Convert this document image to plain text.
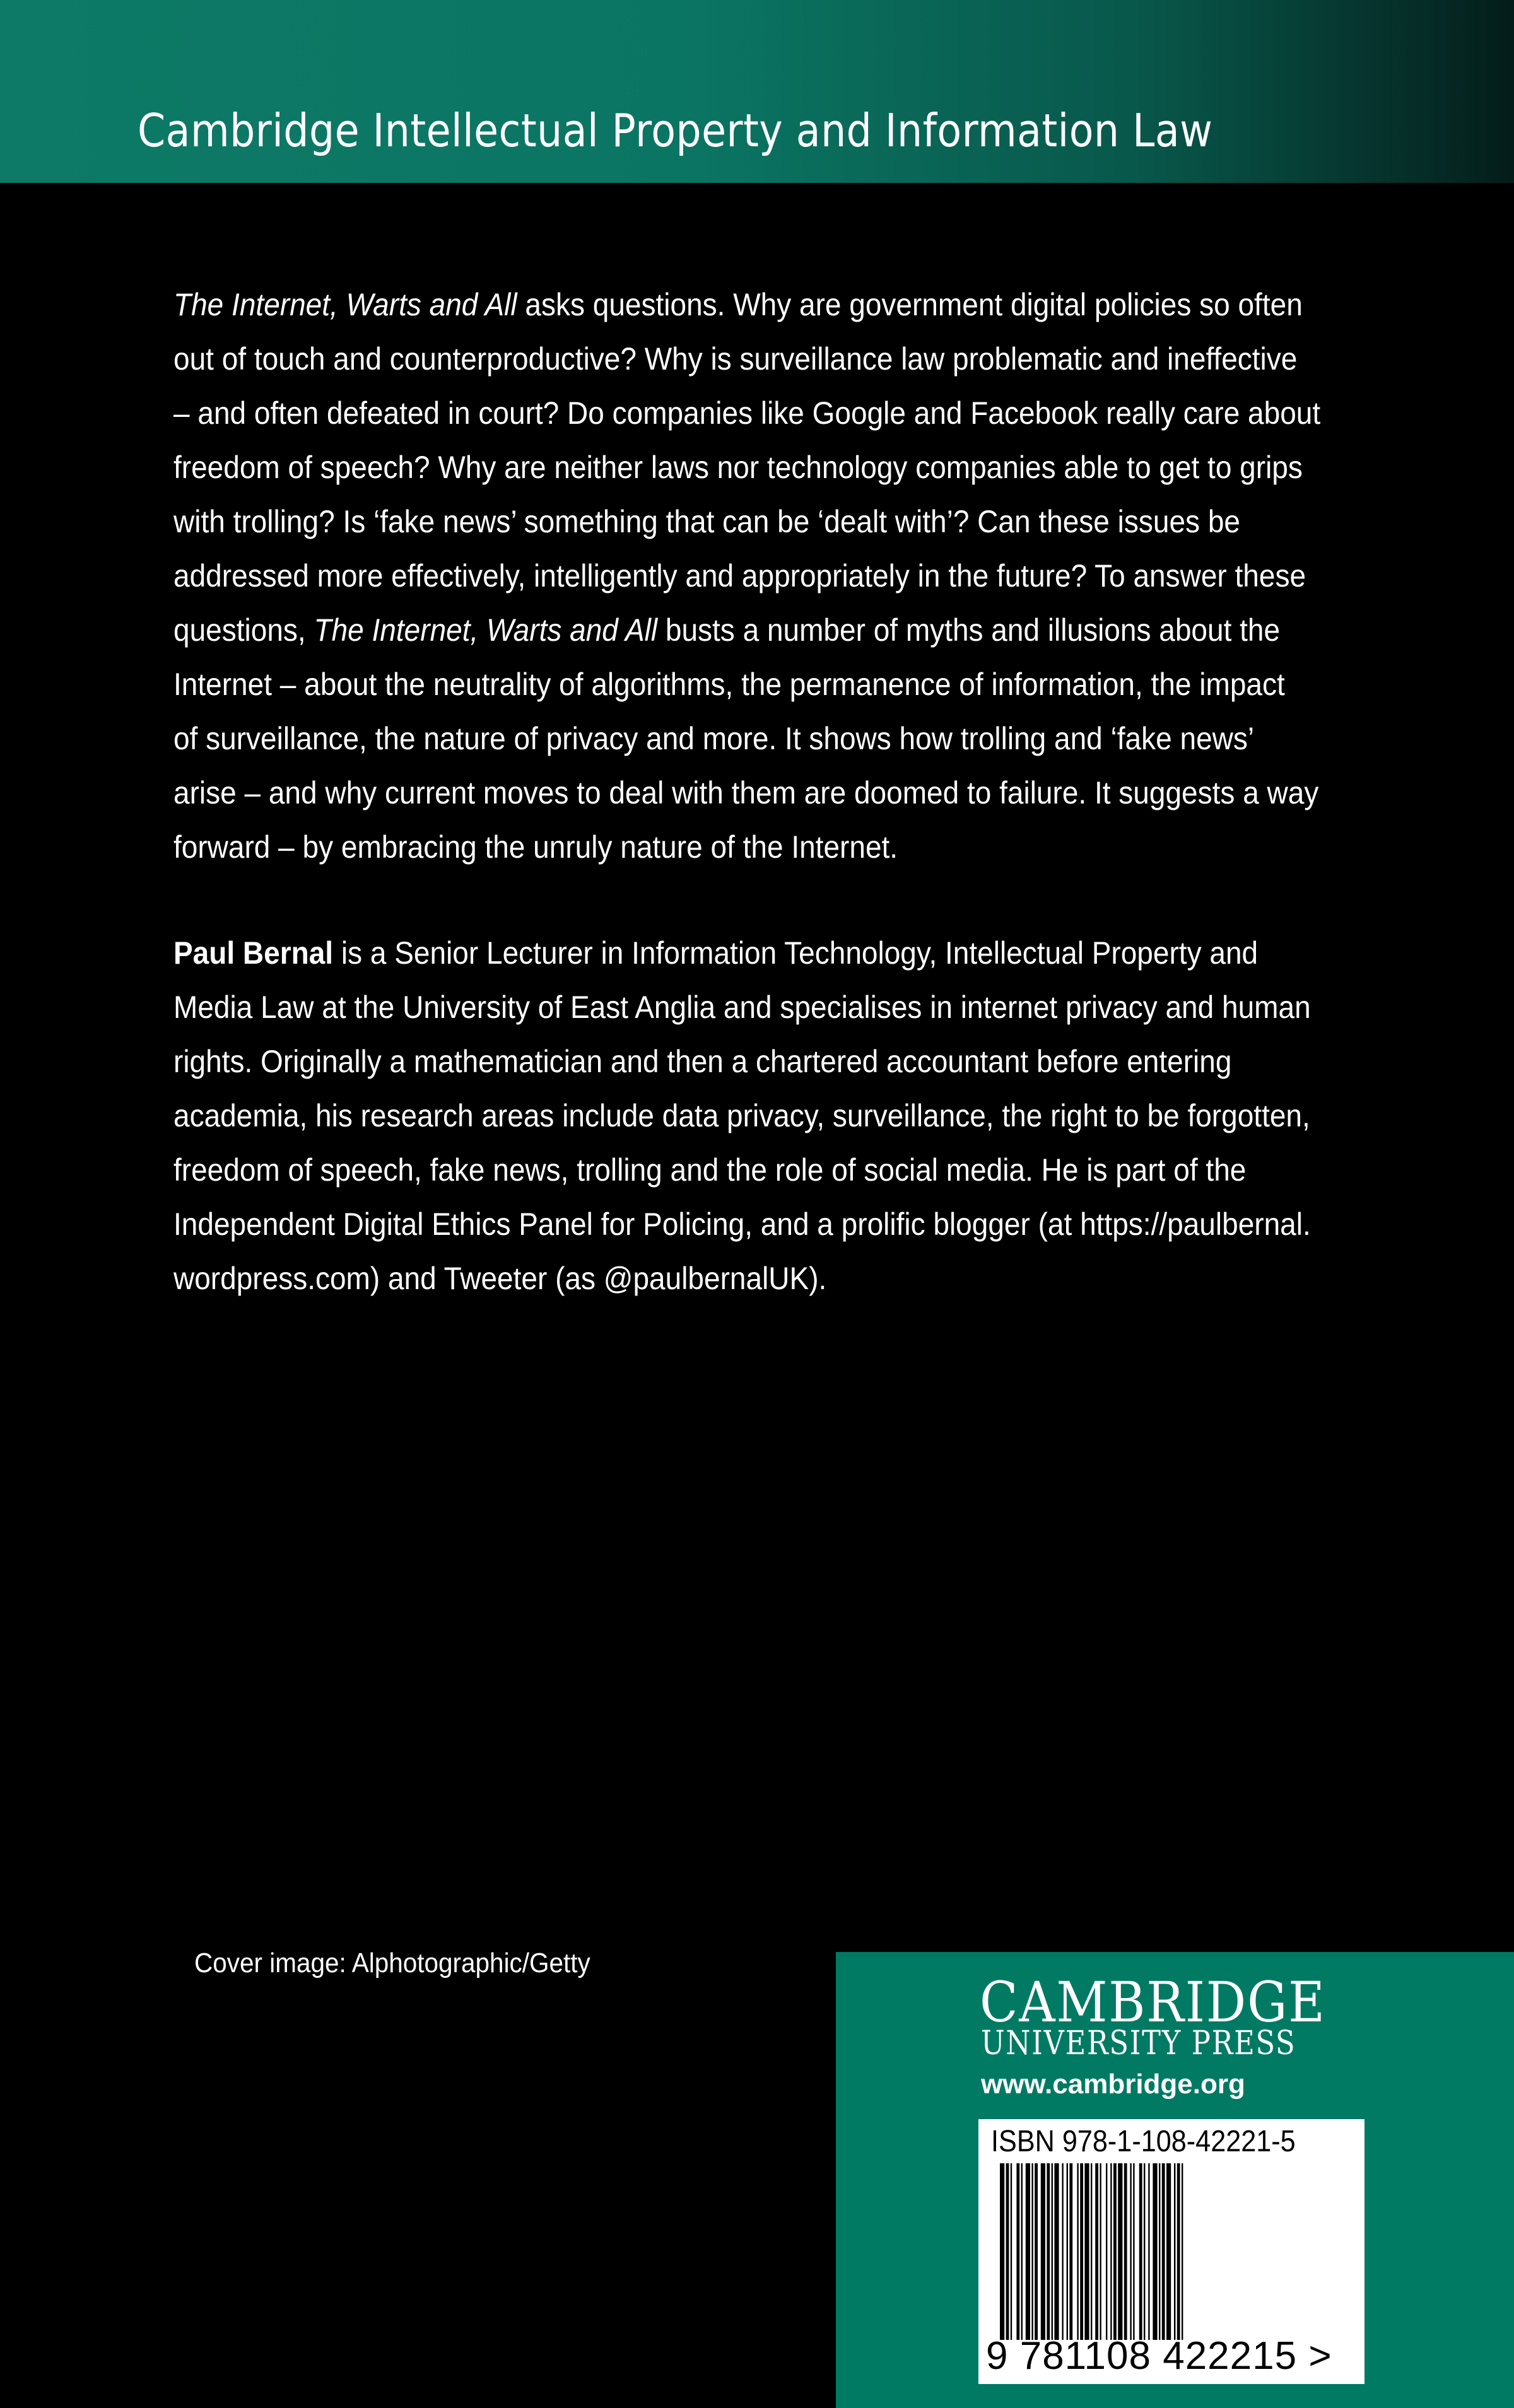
Cambridge Intellectual Property and Information Law
The Internet, Warts and All asks questions. Why are government digital policies so often
out of touch and counterproductive? Why is surveillance law problematic and ineffective
– and often defeated in court? Do companies like Google and Facebook really care about
freedom of speech? Why are neither laws nor technology companies able to get to grips
with trolling? Is ‘fake news’ something that can be ‘dealt with’? Can these issues be
addressed more effectively, intelligently and appropriately in the future? To answer these
questions, The Internet, Warts and All busts a number of myths and illusions about the
Internet – about the neutrality of algorithms, the permanence of information, the impact
of surveillance, the nature of privacy and more. It shows how trolling and ‘fake news’
arise – and why current moves to deal with them are doomed to failure. It suggests a way
forward – by embracing the unruly nature of the Internet.
Paul Bernal is a Senior Lecturer in Information Technology, Intellectual Property and
Media Law at the University of East Anglia and specialises in internet privacy and human
rights. Originally a mathematician and then a chartered accountant before entering
academia, his research areas include data privacy, surveillance, the right to be forgotten,
freedom of speech, fake news, trolling and the role of social media. He is part of the
Independent Digital Ethics Panel for Policing, and a prolific blogger (at https://paulbernal.
wordpress.com) and Tweeter (as @paulbernalUK).
Cover image: Alphotographic/Getty
CAMBRIDGE
UNIVERSITY PRESS
www.cambridge.org
ISBN 978-1-108-42221-5
9 781108 422215 >
